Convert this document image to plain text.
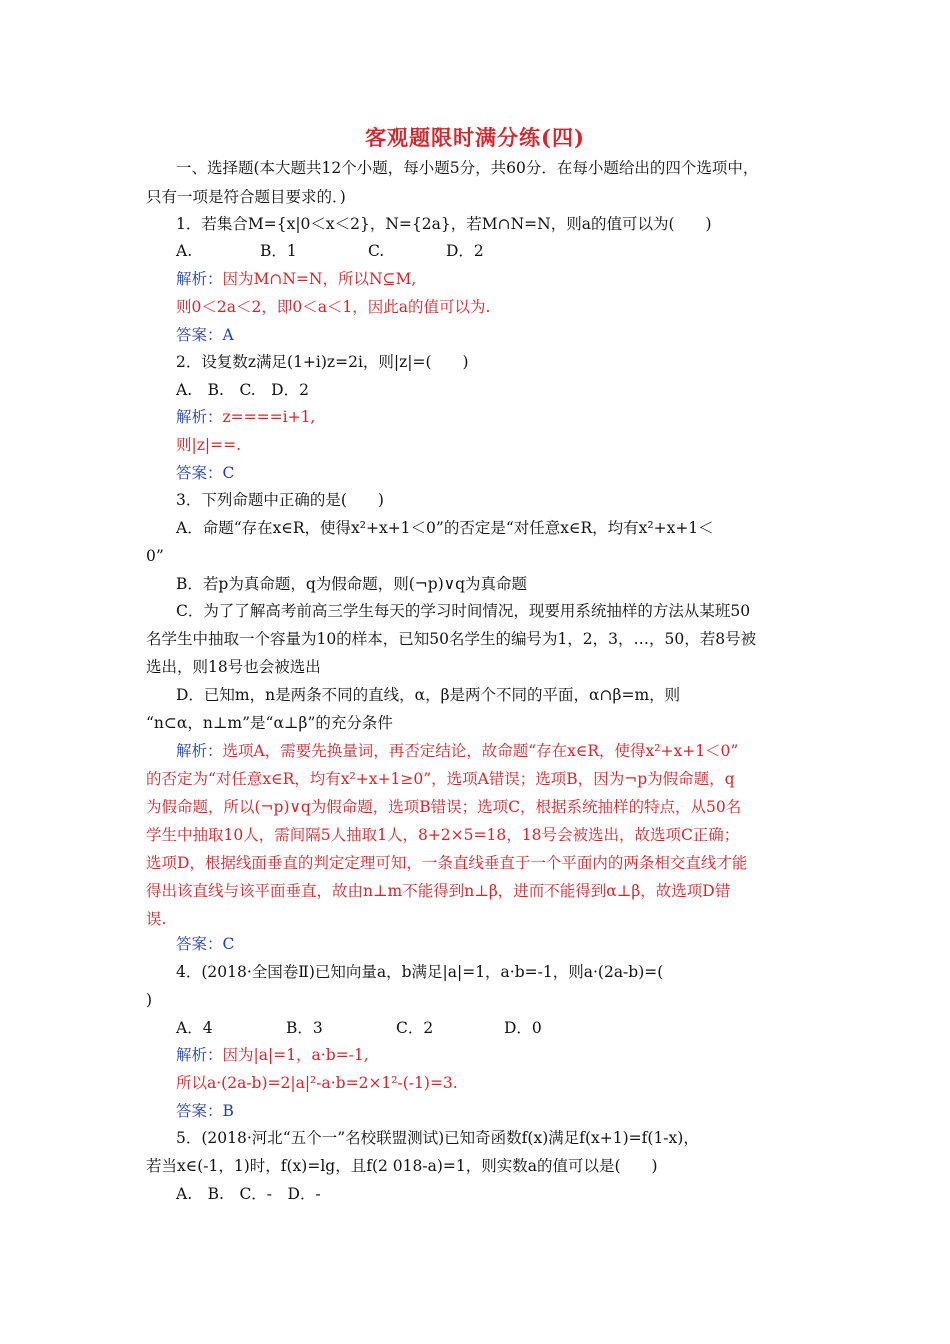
客观题限时满分练(四)
一、选择题(本大题共12个小题，每小题5分，共60分．在每小题给出的四个选项中，
只有一项是符合题目要求的．)
1．若集合M={x|0＜x＜2}，N={2a}，若M∩N=N，则a的值可以为(　　)
A.	B．1	C.	D．2
解析：因为M∩N=N，所以N⊆M,
则0＜2a＜2，即0＜a＜1，因此a的值可以为.
答案：A
2．设复数z满足(1+i)z=2i，则|z|=(　　)
A.　B.　C.　D．2
解析：z====i+1,
则|z|==.
答案：C
3．下列命题中正确的是(　　)
A．命题“存在x∈R，使得x²+x+1＜0”的否定是“对任意x∈R，均有x²+x+1＜
0”
B．若p为真命题，q为假命题，则(¬p)∨q为真命题
C．为了了解高考前高三学生每天的学习时间情况，现要用系统抽样的方法从某班50
名学生中抽取一个容量为10的样本，已知50名学生的编号为1，2，3，…，50，若8号被
选出，则18号也会被选出
D．已知m，n是两条不同的直线，α，β是两个不同的平面，α∩β=m，则
“n⊂α，n⊥m”是“α⊥β”的充分条件
解析：选项A，需要先换量词，再否定结论，故命题“存在x∈R，使得x²+x+1＜0”
的否定为“对任意x∈R，均有x²+x+1≥0”，选项A错误；选项B，因为¬p为假命题，q
为假命题，所以(¬p)∨q为假命题，选项B错误；选项C，根据系统抽样的特点，从50名
学生中抽取10人，需间隔5人抽取1人，8+2×5=18，18号会被选出，故选项C正确；
选项D，根据线面垂直的判定定理可知，一条直线垂直于一个平面内的两条相交直线才能
得出该直线与该平面垂直，故由n⊥m不能得到n⊥β，进而不能得到α⊥β，故选项D错
误.
答案：C
4．(2018·全国卷Ⅱ)已知向量a，b满足|a|=1，a·b=-1，则a·(2a-b)=(
)
A．4	B．3	C．2	D．0
解析：因为|a|=1，a·b=-1,
所以a·(2a-b)=2|a|²-a·b=2×1²-(-1)=3.
答案：B
5．(2018·河北“五个一”名校联盟测试)已知奇函数f(x)满足f(x+1)=f(1-x)，
若当x∈(-1，1)时，f(x)=lg，且f(2 018-a)=1，则实数a的值可以是(　　)
A.　B.　C．-　D．-
